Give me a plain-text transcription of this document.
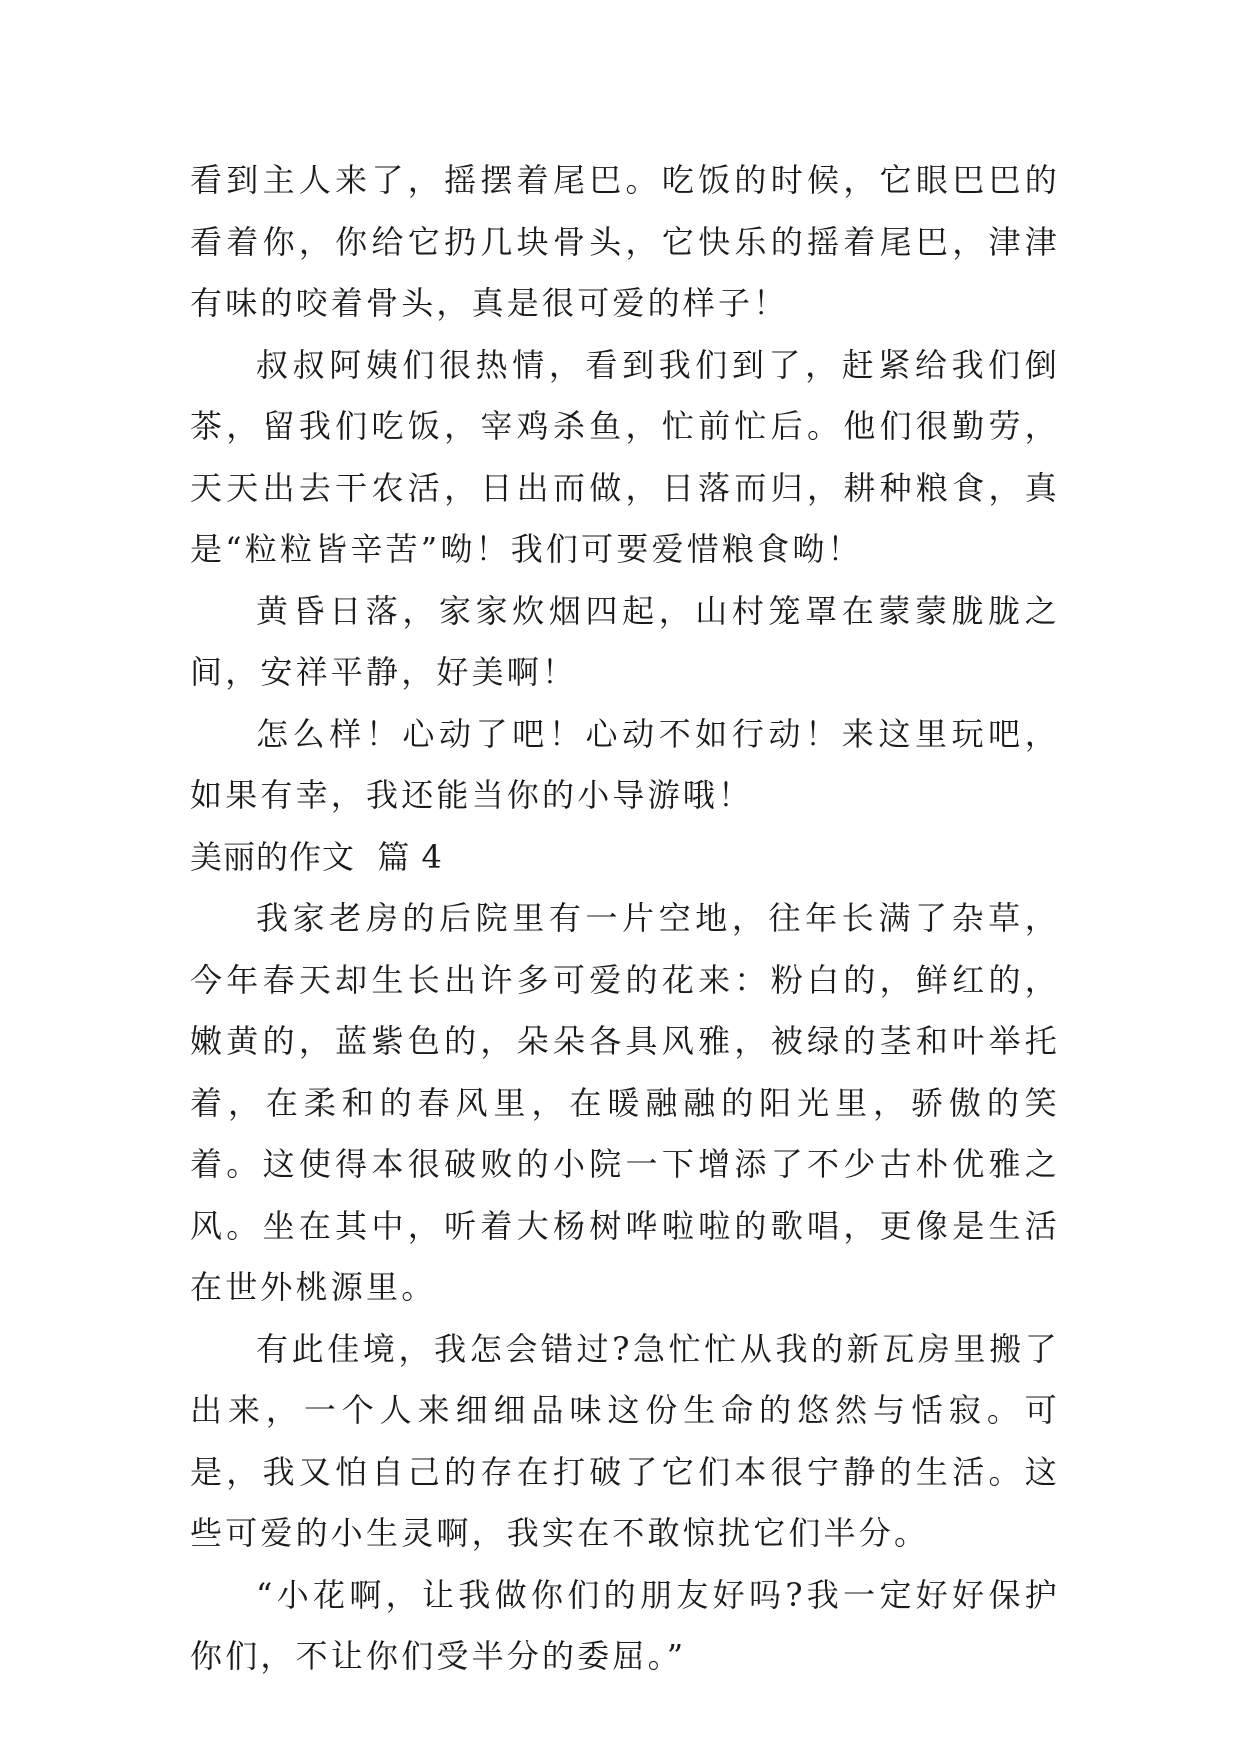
看到主人来了，摇摆着尾巴。吃饭的时候，它眼巴巴的看着你，你给它扔几块骨头，它快乐的摇着尾巴，津津有味的咬着骨头，真是很可爱的样子！

叔叔阿姨们很热情，看到我们到了，赶紧给我们倒茶，留我们吃饭，宰鸡杀鱼，忙前忙后。他们很勤劳，天天出去干农活，日出而做，日落而归，耕种粮食，真是“粒粒皆辛苦”呦！我们可要爱惜粮食呦！

黄昏日落，家家炊烟四起，山村笼罩在蒙蒙胧胧之间，安祥平静，好美啊！

怎么样！心动了吧！心动不如行动！来这里玩吧，如果有幸，我还能当你的小导游哦！

美丽的作文  篇 4

我家老房的后院里有一片空地，往年长满了杂草，今年春天却生长出许多可爱的花来：粉白的，鲜红的，嫩黄的，蓝紫色的，朵朵各具风雅，被绿的茎和叶举托着，在柔和的春风里，在暖融融的阳光里，骄傲的笑着。这使得本很破败的小院一下增添了不少古朴优雅之风。坐在其中，听着大杨树哗啦啦的歌唱，更像是生活在世外桃源里。

有此佳境，我怎会错过?急忙忙从我的新瓦房里搬了出来，一个人来细细品味这份生命的悠然与恬寂。可是，我又怕自己的存在打破了它们本很宁静的生活。这些可爱的小生灵啊，我实在不敢惊扰它们半分。

“小花啊，让我做你们的朋友好吗?我一定好好保护你们，不让你们受半分的委屈。”
